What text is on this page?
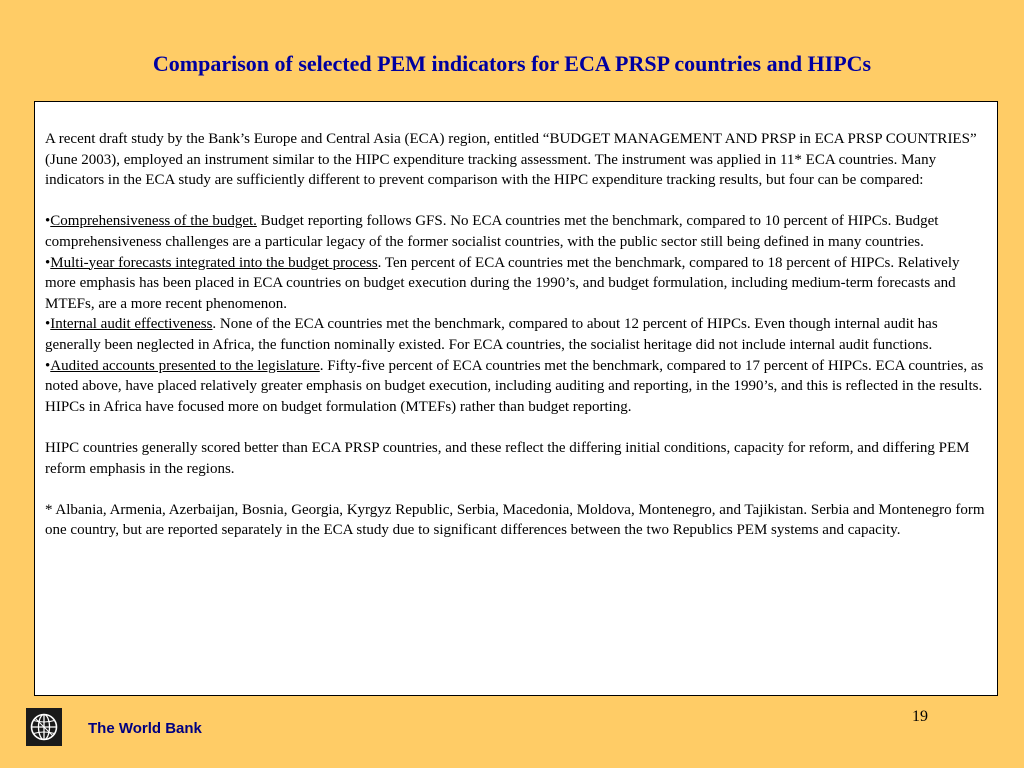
Comparison of selected PEM indicators for ECA PRSP countries and HIPCs

A recent draft study by the Bank’s Europe and Central Asia (ECA) region, entitled “BUDGET MANAGEMENT AND PRSP in ECA PRSP COUNTRIES” (June 2003), employed an instrument similar to the HIPC expenditure tracking assessment. The instrument was applied in 11* ECA countries. Many indicators in the ECA study are sufficiently different to prevent comparison with the HIPC expenditure tracking results, but four can be compared:

•Comprehensiveness of the budget. Budget reporting follows GFS. No ECA countries met the benchmark, compared to 10 percent of HIPCs. Budget comprehensiveness challenges are a particular legacy of the former socialist countries, with the public sector still being defined in many countries.

•Multi-year forecasts integrated into the budget process. Ten percent of ECA countries met the benchmark, compared to 18 percent of HIPCs. Relatively more emphasis has been placed in ECA countries on budget execution during the 1990’s, and budget formulation, including medium-term forecasts and MTEFs, are a more recent phenomenon.

•Internal audit effectiveness. None of the ECA countries met the benchmark, compared to about 12 percent of HIPCs. Even though internal audit has generally been neglected in Africa, the function nominally existed. For ECA countries, the socialist heritage did not include internal audit functions.

•Audited accounts presented to the legislature. Fifty-five percent of ECA countries met the benchmark, compared to 17 percent of HIPCs. ECA countries, as noted above, have placed relatively greater emphasis on budget execution, including auditing and reporting, in the 1990’s, and this is reflected in the results. HIPCs in Africa have focused more on budget formulation (MTEFs) rather than budget reporting.

HIPC countries generally scored better than ECA PRSP countries, and these reflect the differing initial conditions, capacity for reform, and differing PEM reform emphasis in the regions.

* Albania, Armenia, Azerbaijan, Bosnia, Georgia, Kyrgyz Republic, Serbia, Macedonia, Moldova, Montenegro, and Tajikistan. Serbia and Montenegro form one country, but are reported separately in the ECA study due to significant differences between the two Republics PEM systems and capacity.

19
The World Bank
